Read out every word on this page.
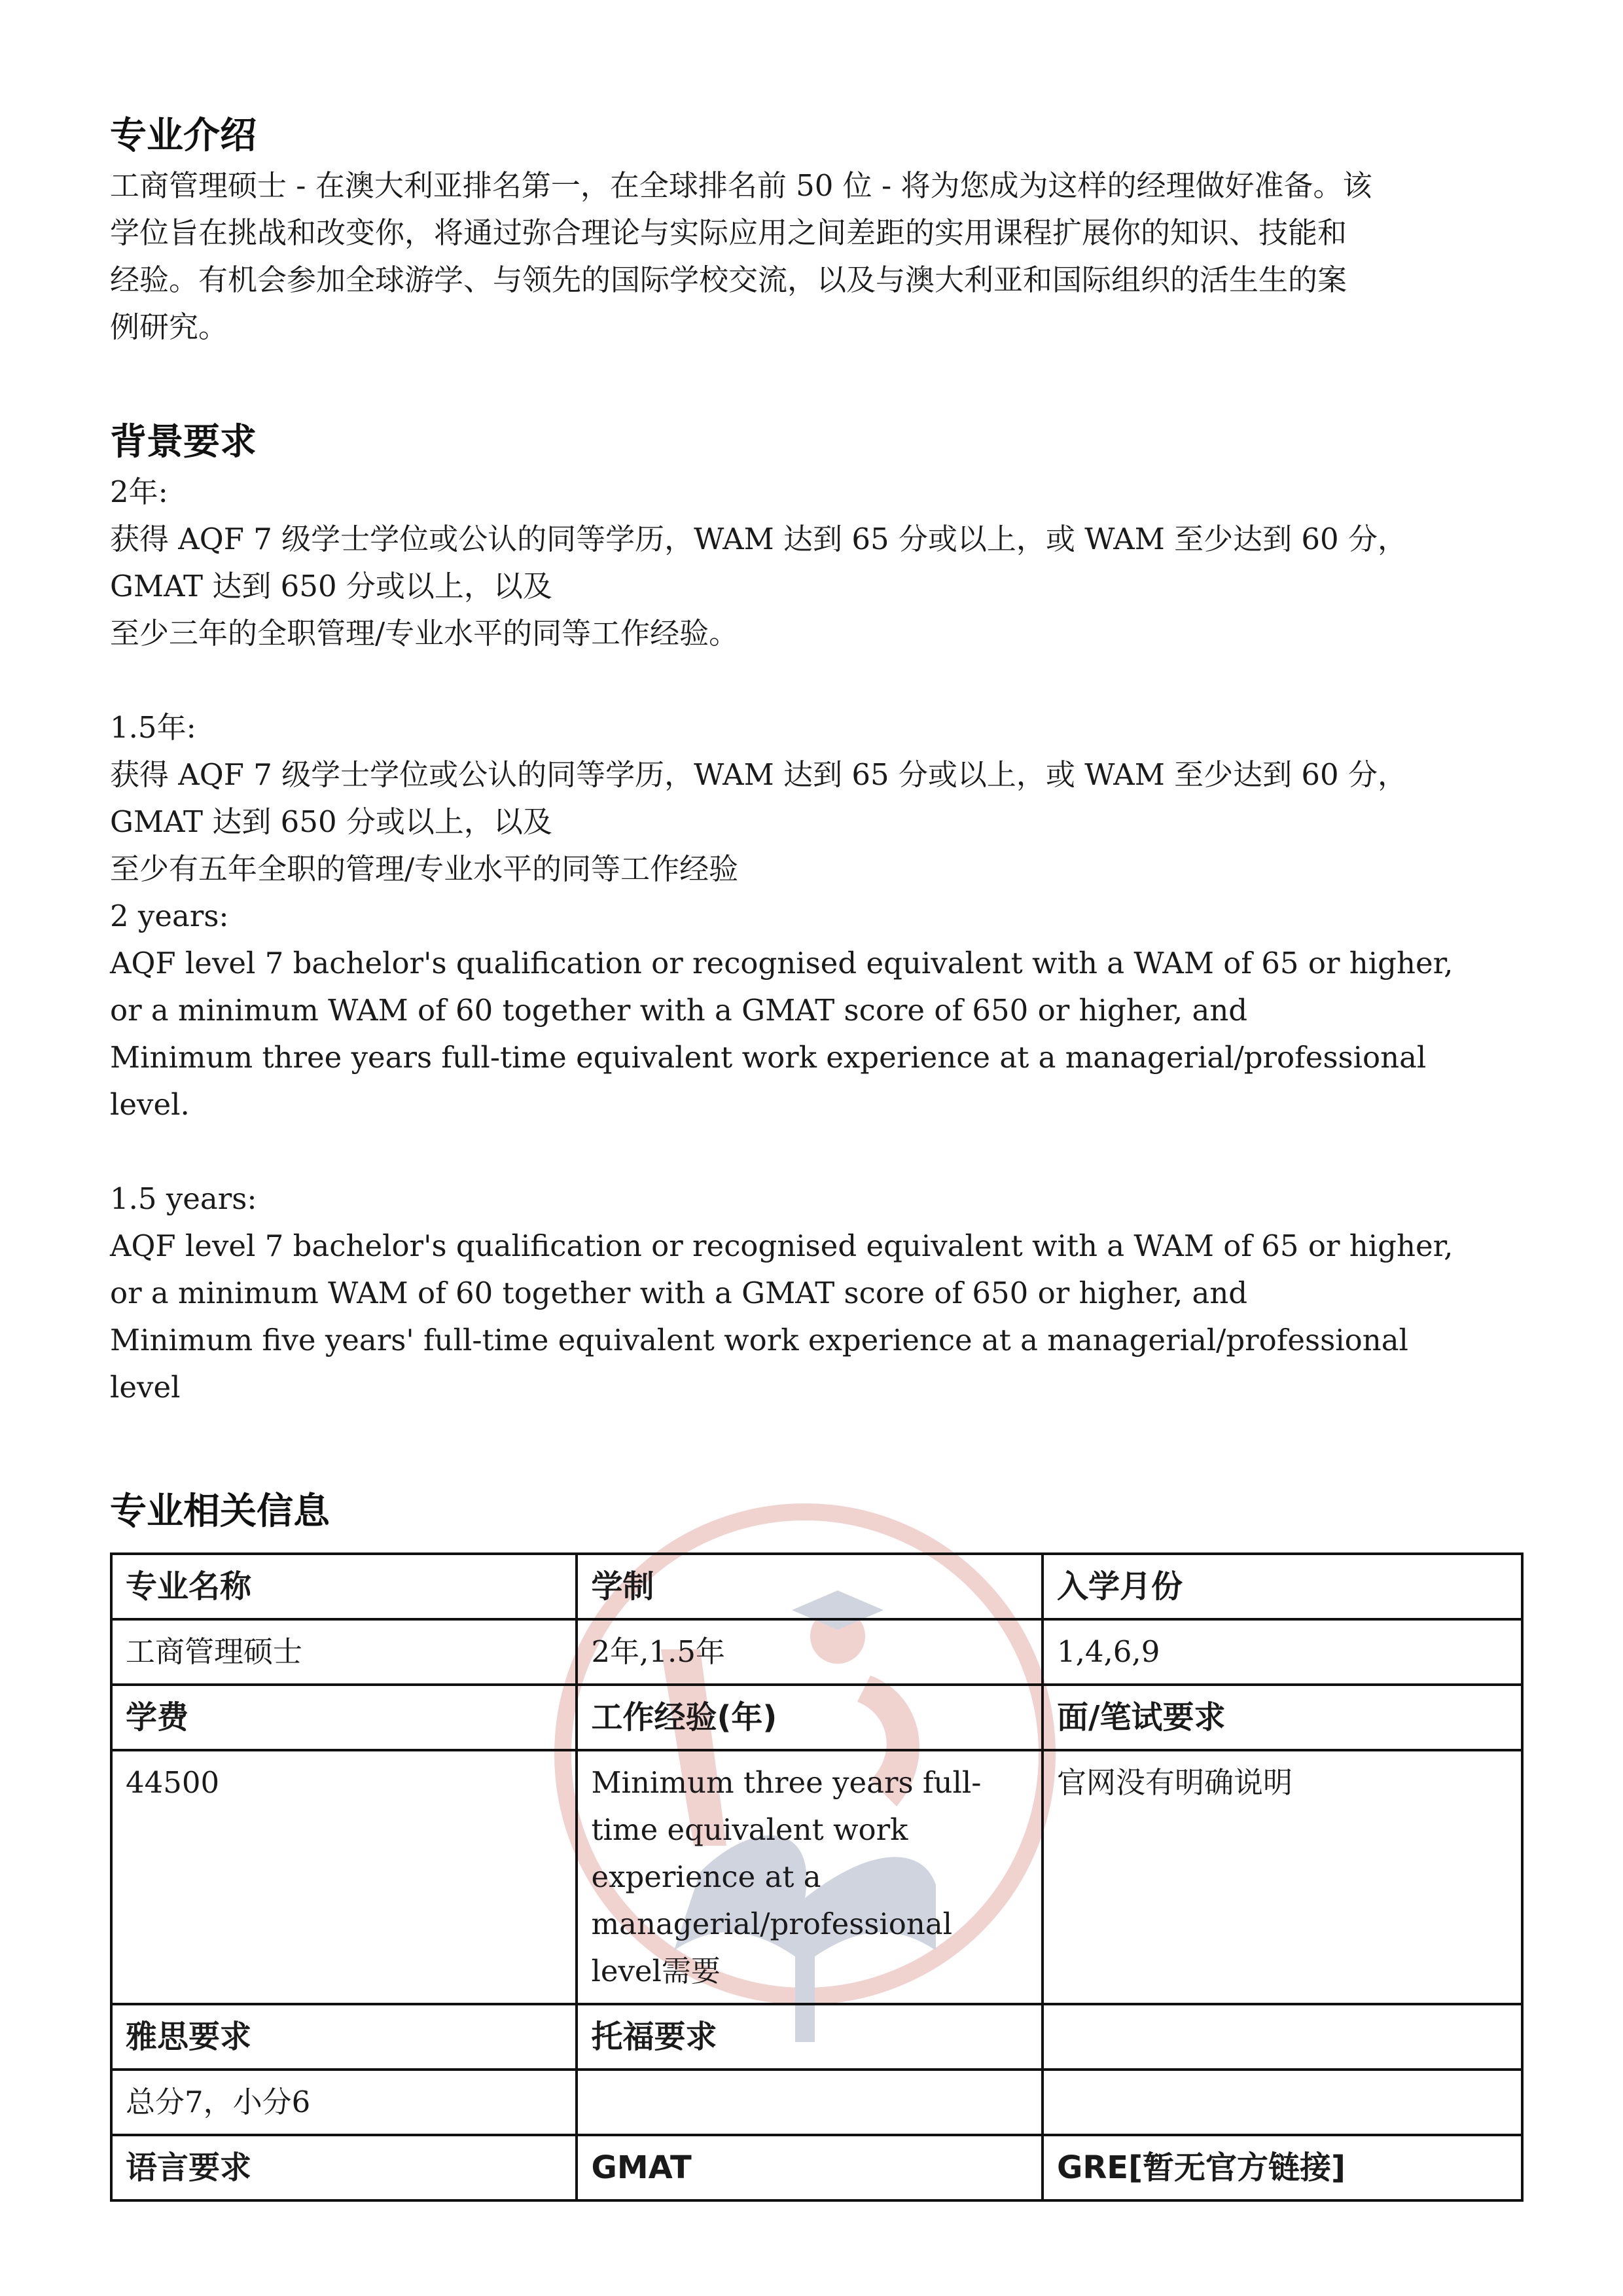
专业介绍

工商管理硕士 - 在澳大利亚排名第一，在全球排名前 50 位 - 将为您成为这样的经理做好准备。该

学位旨在挑战和改变你，将通过弥合理论与实际应用之间差距的实用课程扩展你的知识、技能和

经验。有机会参加全球游学、与领先的国际学校交流，以及与澳大利亚和国际组织的活生生的案

例研究。

背景要求

2年:

获得 AQF 7 级学士学位或公认的同等学历，WAM 达到 65 分或以上，或 WAM 至少达到 60 分，

GMAT 达到 650 分或以上，以及

至少三年的全职管理/专业水平的同等工作经验。

1.5年:

获得 AQF 7 级学士学位或公认的同等学历，WAM 达到 65 分或以上，或 WAM 至少达到 60 分，

GMAT 达到 650 分或以上，以及

至少有五年全职的管理/专业水平的同等工作经验

2 years:

AQF level 7 bachelor's qualification or recognised equivalent with a WAM of 65 or higher,

or a minimum WAM of 60 together with a GMAT score of 650 or higher, and

Minimum three years full-time equivalent work experience at a managerial/professional

level.

1.5 years:

AQF level 7 bachelor's qualification or recognised equivalent with a WAM of 65 or higher,

or a minimum WAM of 60 together with a GMAT score of 650 or higher, and

Minimum five years' full-time equivalent work experience at a managerial/professional

level

专业相关信息
专业名称	学制	入学月份
工商管理硕士	2年,1.5年	1,4,6,9
学费	工作经验(年)	面/笔试要求
44500	Minimum three years full-time equivalent work experience at a managerial/professional level需要	官网没有明确说明
雅思要求	托福要求	
总分7，小分6		
语言要求	GMAT	GRE[暂无官方链接]
